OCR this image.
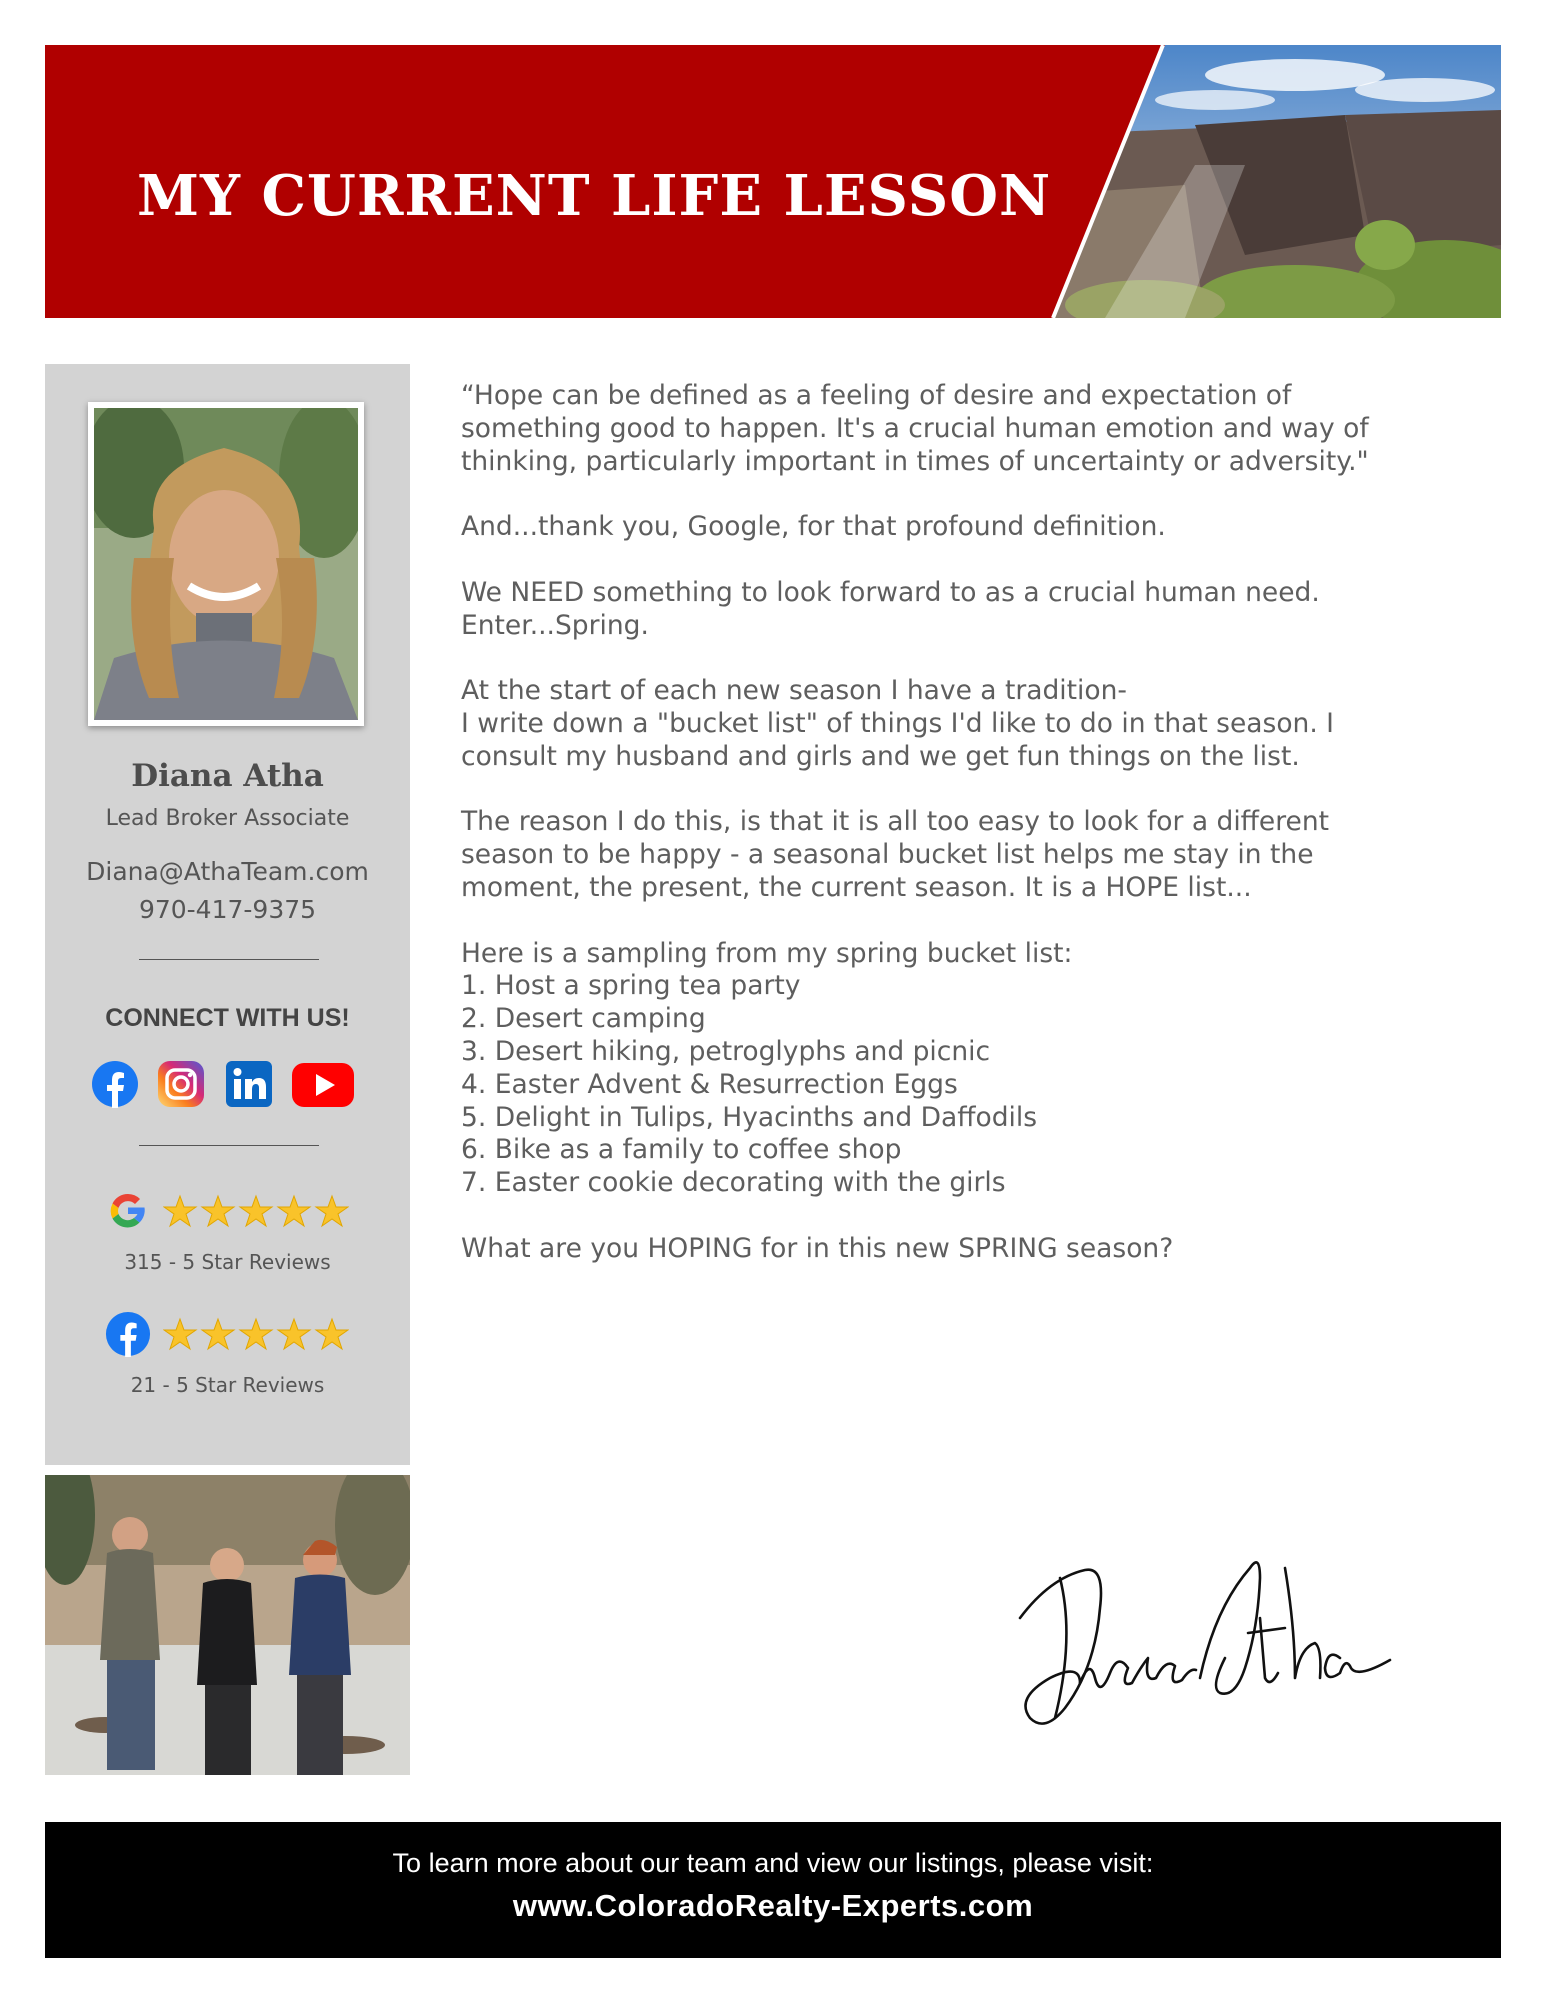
MY CURRENT LIFE LESSON
Diana Atha
Lead Broker Associate
Diana@AthaTeam.com
970-417-9375
CONNECT WITH US!
315 - 5 Star Reviews
21 - 5 Star Reviews

“Hope can be defined as a feeling of desire and expectation of
something good to happen. It's a crucial human emotion and way of
thinking, particularly important in times of uncertainty or adversity."

And...thank you, Google, for that profound definition.

We NEED something to look forward to as a crucial human need.
Enter...Spring.

At the start of each new season I have a tradition-
I write down a "bucket list" of things I'd like to do in that season. I
consult my husband and girls and we get fun things on the list.

The reason I do this, is that it is all too easy to look for a different
season to be happy - a seasonal bucket list helps me stay in the
moment, the present, the current season. It is a HOPE list...

Here is a sampling from my spring bucket list:
1. Host a spring tea party
2. Desert camping
3. Desert hiking, petroglyphs and picnic
4. Easter Advent & Resurrection Eggs
5. Delight in Tulips, Hyacinths and Daffodils
6. Bike as a family to coffee shop
7. Easter cookie decorating with the girls

What are you HOPING for in this new SPRING season?

To learn more about our team and view our listings, please visit:
www.ColoradoRealty-Experts.com
